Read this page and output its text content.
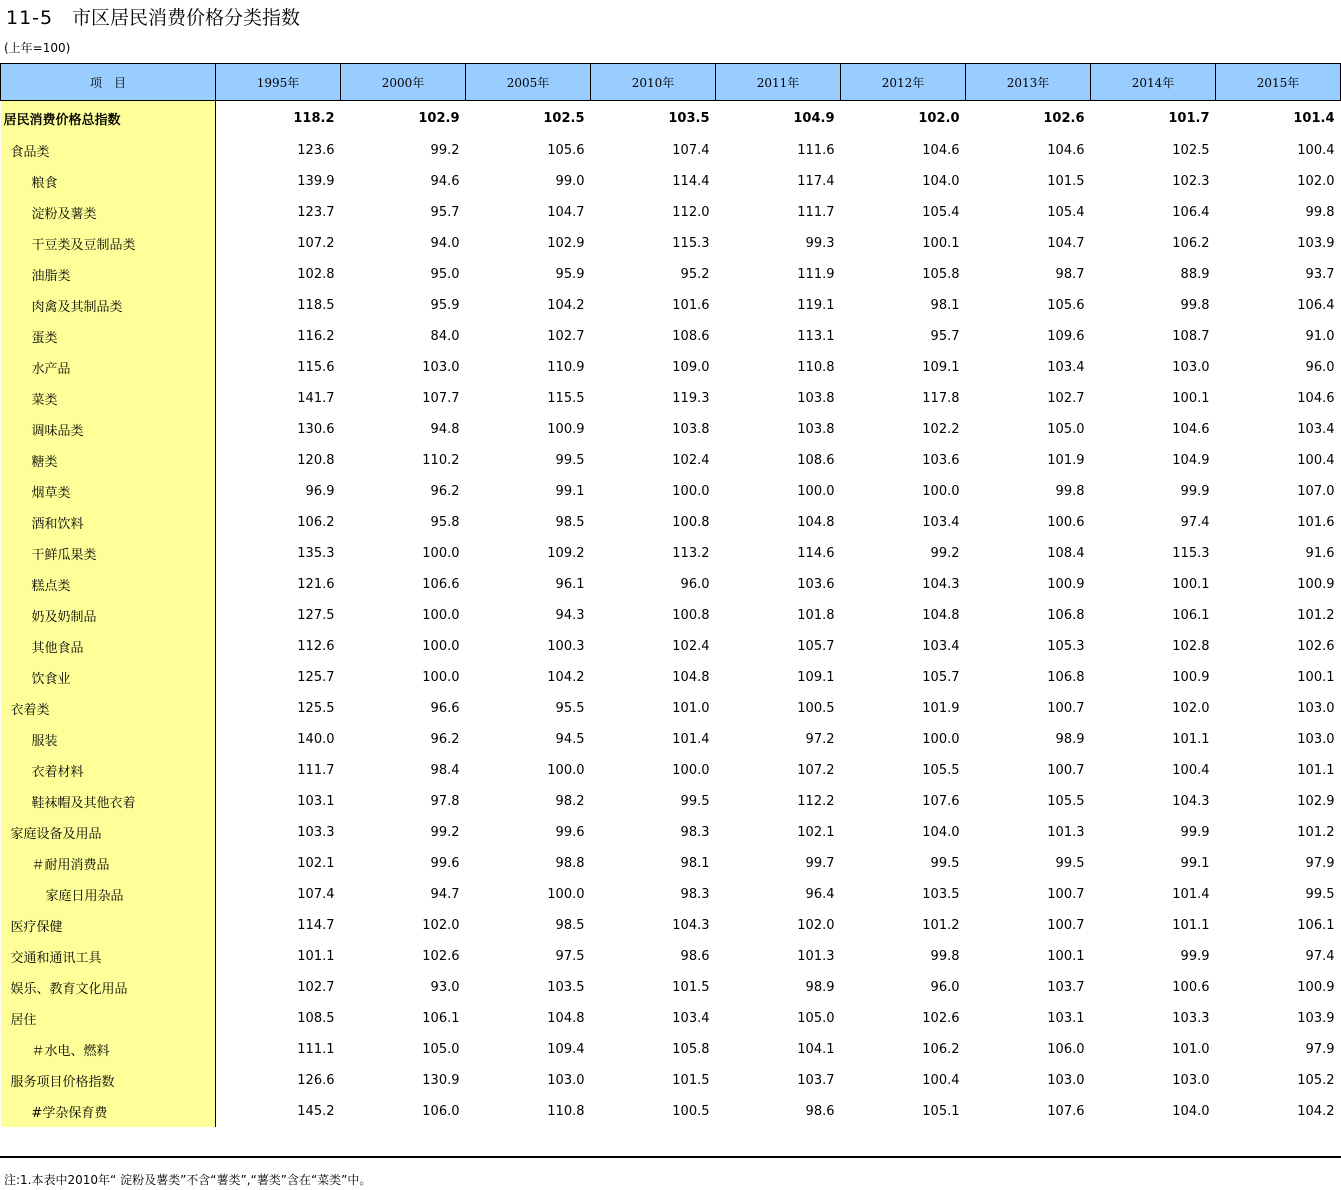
11-5 市区居民消费价格分类指数
(上年=100)
项　目	1995年	2000年	2005年	2010年	2011年	2012年	2013年	2014年	2015年
居民消费价格总指数	118.2	102.9	102.5	103.5	104.9	102.0	102.6	101.7	101.4
食品类	123.6	99.2	105.6	107.4	111.6	104.6	104.6	102.5	100.4
粮食	139.9	94.6	99.0	114.4	117.4	104.0	101.5	102.3	102.0
淀粉及薯类	123.7	95.7	104.7	112.0	111.7	105.4	105.4	106.4	99.8
干豆类及豆制品类	107.2	94.0	102.9	115.3	99.3	100.1	104.7	106.2	103.9
油脂类	102.8	95.0	95.9	95.2	111.9	105.8	98.7	88.9	93.7
肉禽及其制品类	118.5	95.9	104.2	101.6	119.1	98.1	105.6	99.8	106.4
蛋类	116.2	84.0	102.7	108.6	113.1	95.7	109.6	108.7	91.0
水产品	115.6	103.0	110.9	109.0	110.8	109.1	103.4	103.0	96.0
菜类	141.7	107.7	115.5	119.3	103.8	117.8	102.7	100.1	104.6
调味品类	130.6	94.8	100.9	103.8	103.8	102.2	105.0	104.6	103.4
糖类	120.8	110.2	99.5	102.4	108.6	103.6	101.9	104.9	100.4
烟草类	96.9	96.2	99.1	100.0	100.0	100.0	99.8	99.9	107.0
酒和饮料	106.2	95.8	98.5	100.8	104.8	103.4	100.6	97.4	101.6
干鲜瓜果类	135.3	100.0	109.2	113.2	114.6	99.2	108.4	115.3	91.6
糕点类	121.6	106.6	96.1	96.0	103.6	104.3	100.9	100.1	100.9
奶及奶制品	127.5	100.0	94.3	100.8	101.8	104.8	106.8	106.1	101.2
其他食品	112.6	100.0	100.3	102.4	105.7	103.4	105.3	102.8	102.6
饮食业	125.7	100.0	104.2	104.8	109.1	105.7	106.8	100.9	100.1
衣着类	125.5	96.6	95.5	101.0	100.5	101.9	100.7	102.0	103.0
服装	140.0	96.2	94.5	101.4	97.2	100.0	98.9	101.1	103.0
衣着材料	111.7	98.4	100.0	100.0	107.2	105.5	100.7	100.4	101.1
鞋袜帽及其他衣着	103.1	97.8	98.2	99.5	112.2	107.6	105.5	104.3	102.9
家庭设备及用品	103.3	99.2	99.6	98.3	102.1	104.0	101.3	99.9	101.2
＃耐用消费品	102.1	99.6	98.8	98.1	99.7	99.5	99.5	99.1	97.9
家庭日用杂品	107.4	94.7	100.0	98.3	96.4	103.5	100.7	101.4	99.5
医疗保健	114.7	102.0	98.5	104.3	102.0	101.2	100.7	101.1	106.1
交通和通讯工具	101.1	102.6	97.5	98.6	101.3	99.8	100.1	99.9	97.4
娱乐、教育文化用品	102.7	93.0	103.5	101.5	98.9	96.0	103.7	100.6	100.9
居住	108.5	106.1	104.8	103.4	105.0	102.6	103.1	103.3	103.9
＃水电、燃料	111.1	105.0	109.4	105.8	104.1	106.2	106.0	101.0	97.9
服务项目价格指数	126.6	130.9	103.0	101.5	103.7	100.4	103.0	103.0	105.2
#学杂保育费	145.2	106.0	110.8	100.5	98.6	105.1	107.6	104.0	104.2
注:1.本表中2010年“ 淀粉及薯类”不含“薯类”,“薯类”含在“菜类”中。
